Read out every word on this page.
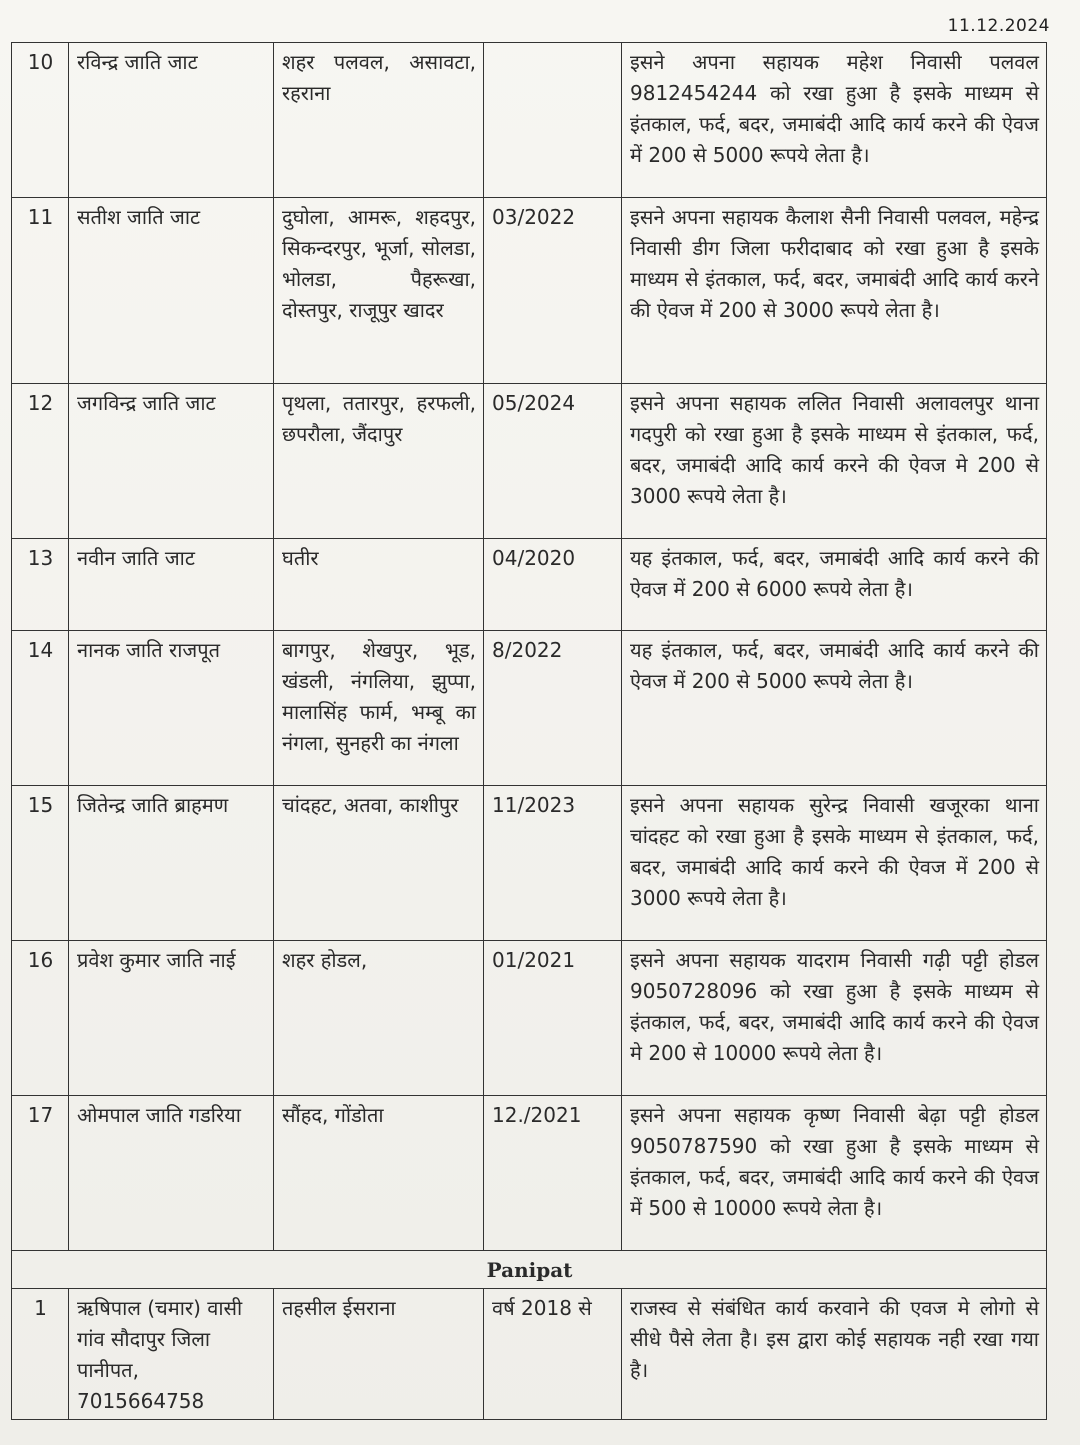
11.12.2024
10	रविन्द्र जाति जाट	शहर पलवल, असावटा, रहराना		इसने अपना सहायक महेश निवासी पलवल 9812454244 को रखा हुआ है इसके माध्यम से इंतकाल, फर्द, बदर, जमाबंदी आदि कार्य करने की ऐवज में 200 से 5000 रूपये लेता है।
11	सतीश जाति जाट	दुघोला, आमरू, शहदपुर, सिकन्दरपुर, भूर्जा, सोलडा, भोलडा, पैहरूखा, दोस्तपुर, राजूपुर खादर	03/2022	इसने अपना सहायक कैलाश सैनी निवासी पलवल, महेन्द्र निवासी डीग जिला फरीदाबाद को रखा हुआ है इसके माध्यम से इंतकाल, फर्द, बदर, जमाबंदी आदि कार्य करने की ऐवज में 200 से 3000 रूपये लेता है।
12	जगविन्द्र जाति जाट	पृथला, ततारपुर, हरफली, छपरौला, जैंदापुर	05/2024	इसने अपना सहायक ललित निवासी अलावलपुर थाना गदपुरी को रखा हुआ है इसके माध्यम से इंतकाल, फर्द, बदर, जमाबंदी आदि कार्य करने की ऐवज मे 200 से 3000 रूपये लेता है।
13	नवीन जाति जाट	घतीर	04/2020	यह इंतकाल, फर्द, बदर, जमाबंदी आदि कार्य करने की ऐवज में 200 से 6000 रूपये लेता है।
14	नानक जाति राजपूत	बागपुर, शेखपुर, भूड, खंडली, नंगलिया, झुप्पा, मालासिंह फार्म, भम्बू का नंगला, सुनहरी का नंगला	8/2022	यह इंतकाल, फर्द, बदर, जमाबंदी आदि कार्य करने की ऐवज में 200 से 5000 रूपये लेता है।
15	जितेन्द्र जाति ब्राहमण	चांदहट, अतवा, काशीपुर	11/2023	इसने अपना सहायक सुरेन्द्र निवासी खजूरका थाना चांदहट को रखा हुआ है इसके माध्यम से इंतकाल, फर्द, बदर, जमाबंदी आदि कार्य करने की ऐवज में 200 से 3000 रूपये लेता है।
16	प्रवेश कुमार जाति नाई	शहर होडल,	01/2021	इसने अपना सहायक यादराम निवासी गढ़ी पट्टी होडल 9050728096 को रखा हुआ है इसके माध्यम से इंतकाल, फर्द, बदर, जमाबंदी आदि कार्य करने की ऐवज मे 200 से 10000 रूपये लेता है।
17	ओमपाल जाति गडरिया	सौंहद, गोंडोता	12./2021	इसने अपना सहायक कृष्ण निवासी बेढ़ा पट्टी होडल 9050787590 को रखा हुआ है इसके माध्यम से इंतकाल, फर्द, बदर, जमाबंदी आदि कार्य करने की ऐवज में 500 से 10000 रूपये लेता है।
Panipat				
1	ऋषिपाल (चमार) वासी गांव सौदापुर जिला पानीपत, 7015664758	तहसील ईसराना	वर्ष 2018 से	राजस्व से संबंधित कार्य करवाने की एवज मे लोगो से सीधे पैसे लेता है। इस द्वारा कोई सहायक नही रखा गया है।
